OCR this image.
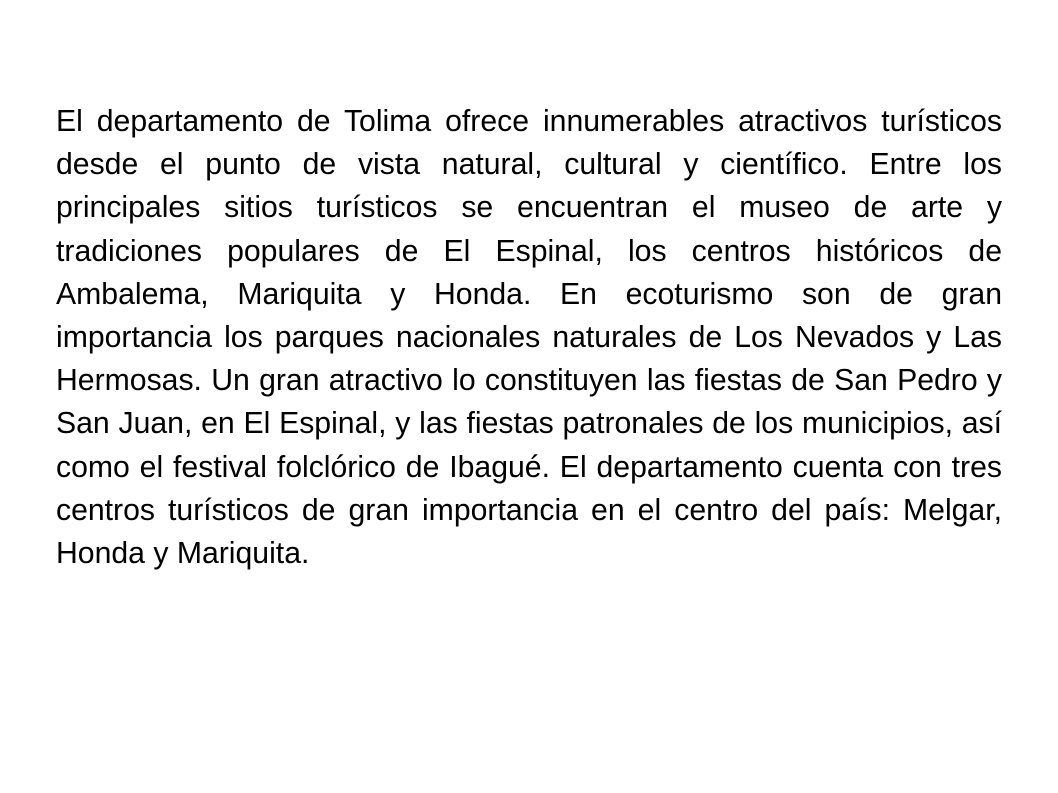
El departamento de Tolima ofrece innumerables atractivos turísticos desde el punto de vista natural, cultural y científico. Entre los principales sitios turísticos se encuentran el museo de arte y tradiciones populares de El Espinal, los centros históricos de Ambalema, Mariquita y Honda. En ecoturismo son de gran importancia los parques nacionales naturales de Los Nevados y Las Hermosas. Un gran atractivo lo constituyen las fiestas de San Pedro y San Juan, en El Espinal, y las fiestas patronales de los municipios, así como el festival folclórico de Ibagué. El departamento cuenta con tres centros turísticos de gran importancia en el centro del país: Melgar, Honda y Mariquita.
